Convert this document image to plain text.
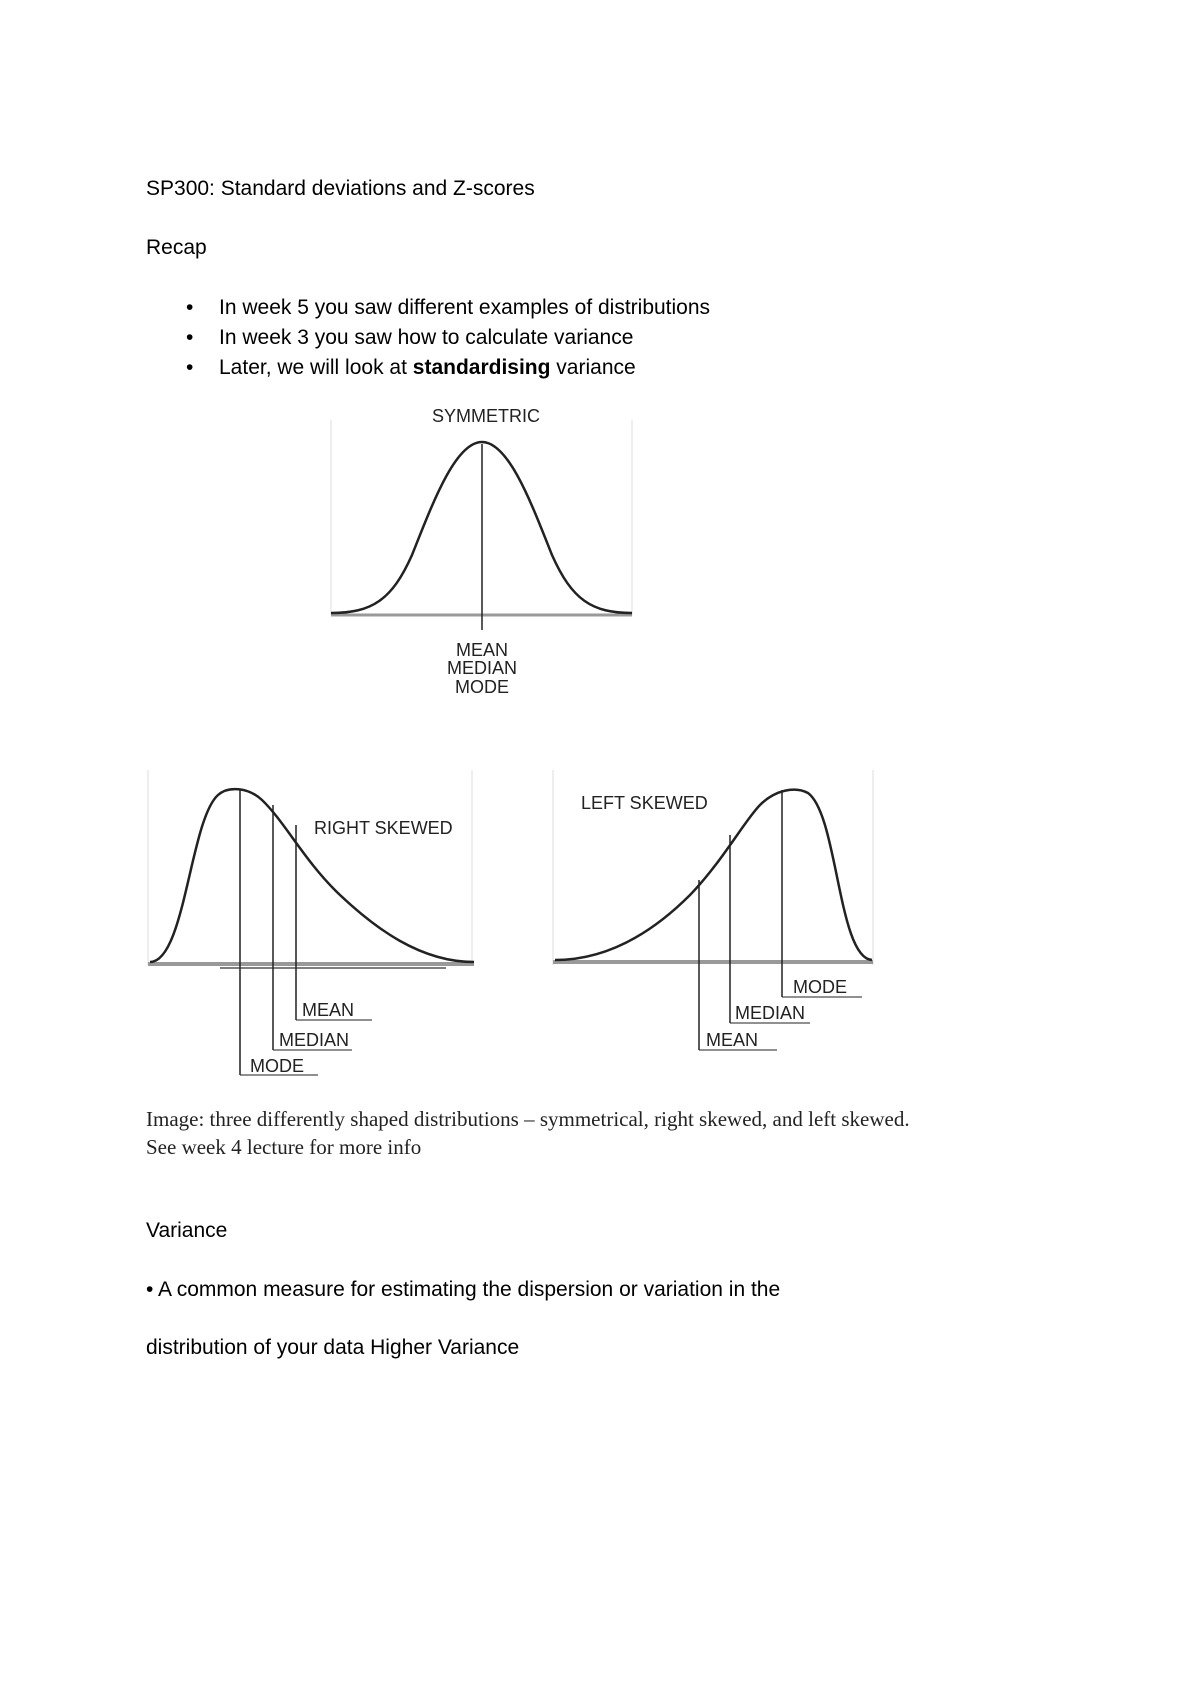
SP300: Standard deviations and Z-scores
Recap
• In week 5 you saw different examples of distributions
• In week 3 you saw how to calculate variance
• Later, we will look at standardising variance
SYMMETRIC
MEAN
MEDIAN
MODE
RIGHT SKEWED
MEAN
MEDIAN
MODE
LEFT SKEWED
MODE
MEDIAN
MEAN
Image: three differently shaped distributions – symmetrical, right skewed, and left skewed.
See week 4 lecture for more info
Variance
• A common measure for estimating the dispersion or variation in the
distribution of your data Higher Variance
